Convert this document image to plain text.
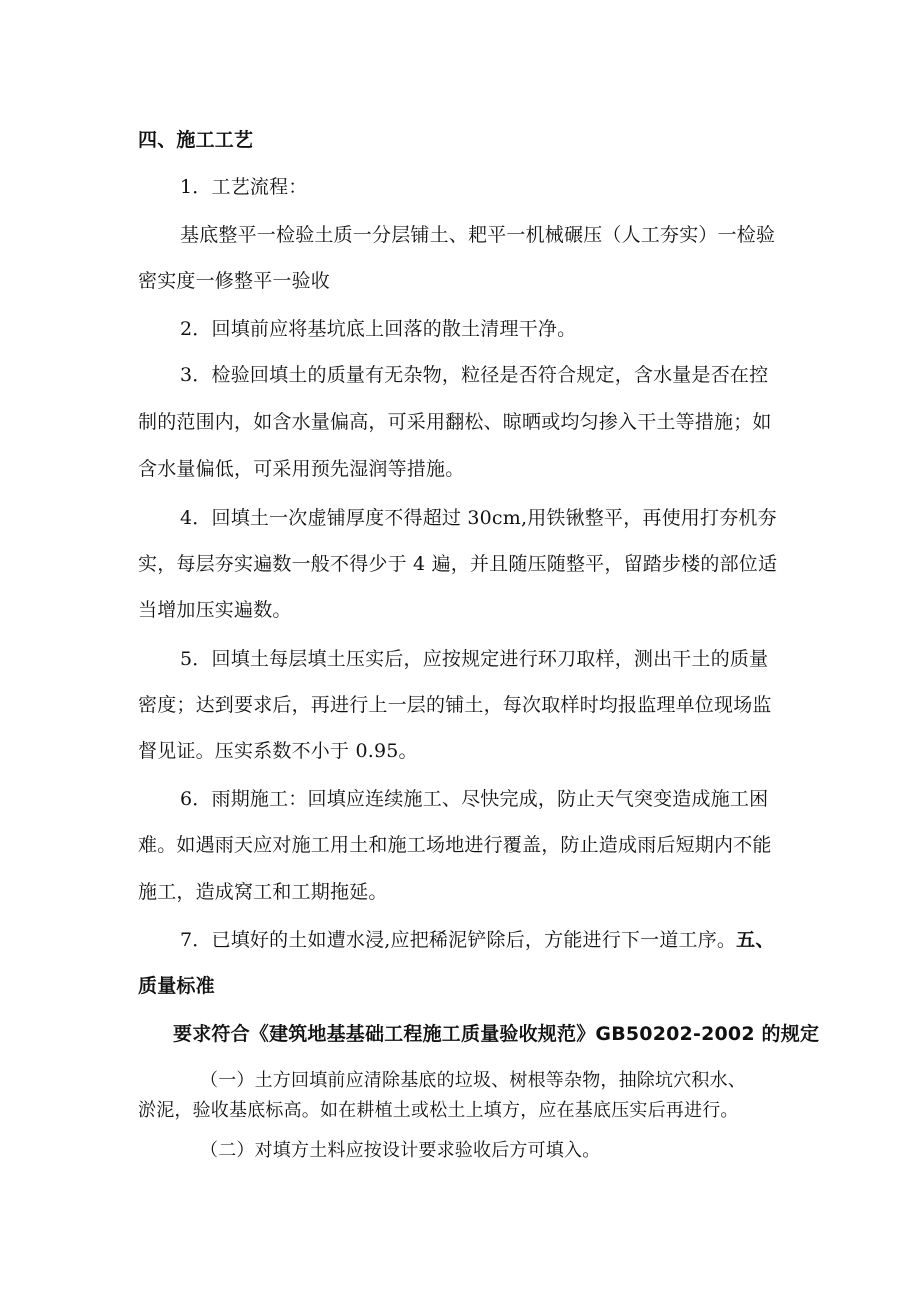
四、施工工艺
1．工艺流程：
基底整平一检验土质一分层铺土、耙平一机械碾压（人工夯实）一检验
密实度一修整平一验收
2．回填前应将基坑底上回落的散土清理干净。
3．检验回填土的质量有无杂物，粒径是否符合规定，含水量是否在控
制的范围内，如含水量偏高，可采用翻松、晾晒或均匀掺入干土等措施；如
含水量偏低，可采用预先湿润等措施。
4．回填土一次虚铺厚度不得超过 30cm,用铁锹整平，再使用打夯机夯
实，每层夯实遍数一般不得少于 4 遍，并且随压随整平，留踏步楼的部位适
当增加压实遍数。
5．回填土每层填土压实后，应按规定进行环刀取样，测出干土的质量
密度；达到要求后，再进行上一层的铺土，每次取样时均报监理单位现场监
督见证。压实系数不小于 0.95。
6．雨期施工：回填应连续施工、尽快完成，防止天气突变造成施工困
难。如遇雨天应对施工用土和施工场地进行覆盖，防止造成雨后短期内不能
施工，造成窝工和工期拖延。
7．已填好的土如遭水浸,应把稀泥铲除后，方能进行下一道工序。五、
质量标准
要求符合《建筑地基基础工程施工质量验收规范》GB50202-2002 的规定
（一）土方回填前应清除基底的垃圾、树根等杂物，抽除坑穴积水、
淤泥，验收基底标高。如在耕植土或松土上填方，应在基底压实后再进行。
（二）对填方土料应按设计要求验收后方可填入。
